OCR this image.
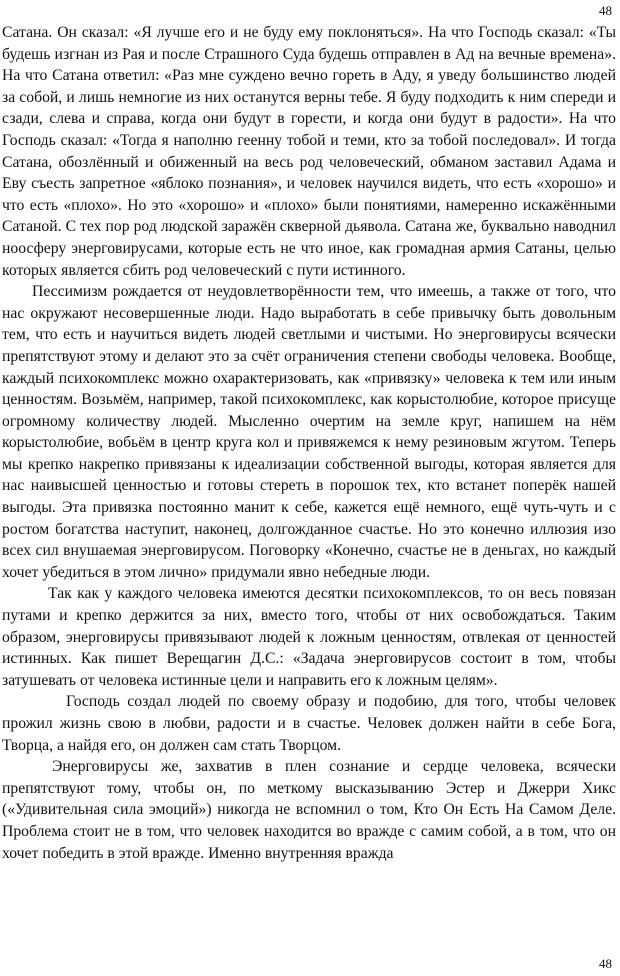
48

Сатана. Он сказал: «Я лучше его и не буду ему поклоняться». На что Господь сказал: «Ты будешь изгнан из Рая и после Страшного Суда будешь отправлен в Ад на вечные времена». На что Сатана ответил: «Раз мне суждено вечно гореть в Аду, я уведу большинство людей за собой, и лишь немногие из них останутся верны тебе. Я буду подходить к ним спереди и сзади, слева и справа, когда они будут в горести, и когда они будут в радости». На что Господь сказал: «Тогда я наполню геенну тобой и теми, кто за тобой последовал». И тогда Сатана, обозлённый и обиженный на весь род человеческий, обманом заставил Адама и Еву съесть запретное «яблоко познания», и человек научился видеть, что есть «хорошо» и что есть «плохо». Но это «хорошо» и «плохо» были понятиями, намеренно искажёнными Сатаной. С тех пор род людской заражён скверной дьявола. Сатана же, буквально наводнил ноосферу энерговирусами, которые есть не что иное, как громадная армия Сатаны, целью которых является сбить род человеческий с пути истинного.

Пессимизм рождается от неудовлетворённости тем, что имеешь, а также от того, что нас окружают несовершенные люди. Надо выработать в себе привычку быть довольным тем, что есть и научиться видеть людей светлыми и чистыми. Но энерговирусы всячески препятствуют этому и делают это за счёт ограничения степени свободы человека. Вообще, каждый психокомплекс можно охарактеризовать, как «привязку» человека к тем или иным ценностям. Возьмём, например, такой психокомплекс, как корыстолюбие, которое присуще огромному количеству людей. Мысленно очертим на земле круг, напишем на нём корыстолюбие, вобьём в центр круга кол и привяжемся к нему резиновым жгутом. Теперь мы крепко накрепко привязаны к идеализации собственной выгоды, которая является для нас наивысшей ценностью и готовы стереть в порошок тех, кто встанет поперёк нашей выгоды. Эта привязка постоянно манит к себе, кажется ещё немного, ещё чуть-чуть и с ростом богатства наступит, наконец, долгожданное счастье. Но это конечно иллюзия изо всех сил внушаемая энерговирусом. Поговорку «Конечно, счастье не в деньгах, но каждый хочет убедиться в этом лично» придумали явно небедные люди.

Так как у каждого человека имеются десятки психокомплексов, то он весь повязан путами и крепко держится за них, вместо того, чтобы от них освобождаться. Таким образом, энерговирусы привязывают людей к ложным ценностям, отвлекая от ценностей истинных. Как пишет Верещагин Д.С.: «Задача энерговирусов состоит в том, чтобы затушевать от человека истинные цели и направить его к ложным целям».

Господь создал людей по своему образу и подобию, для того, чтобы человек прожил жизнь свою в любви, радости и в счастье. Человек должен найти в себе Бога, Творца, а найдя его, он должен сам стать Творцом.

Энерговирусы же, захватив в плен сознание и сердце человека, всячески препятствуют тому, чтобы он, по меткому высказыванию Эстер и Джерри Хикс («Удивительная сила эмоций») никогда не вспомнил о том, Кто Он Есть На Самом Деле. Проблема стоит не в том, что человек находится во вражде с самим собой, а в том, что он хочет победить в этой вражде. Именно внутренняя вражда

48
